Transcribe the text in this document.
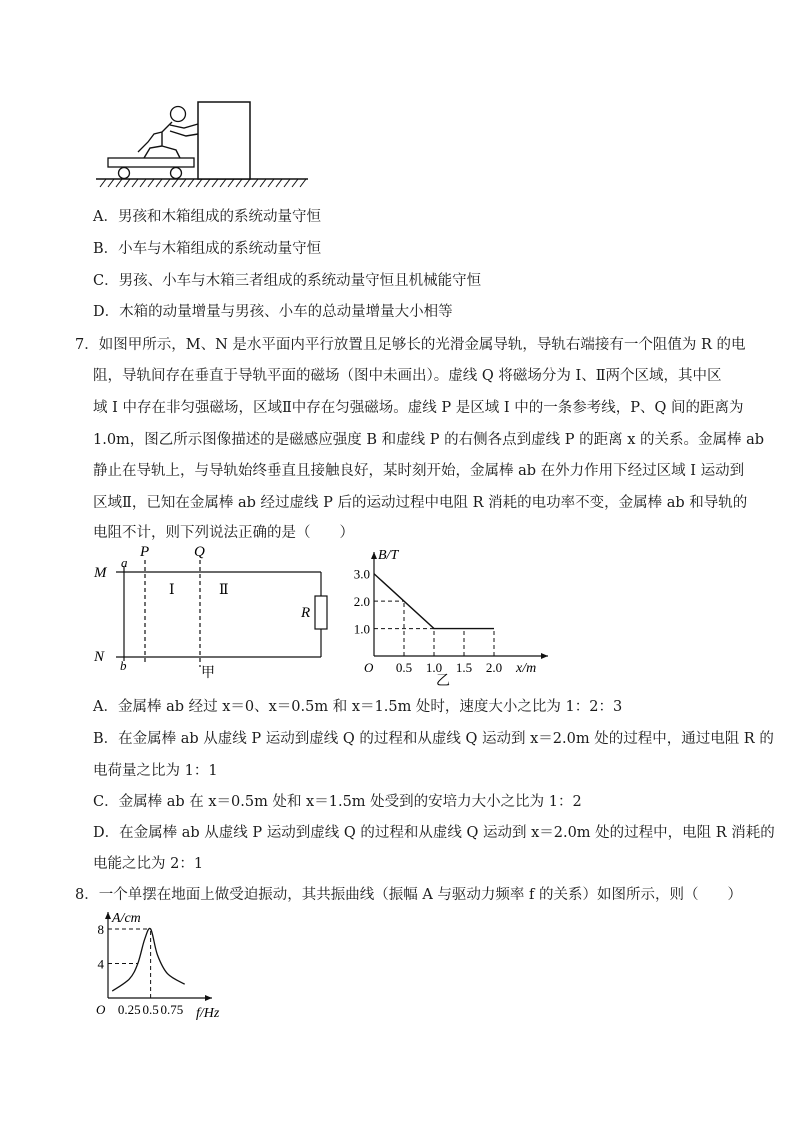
A．男孩和木箱组成的系统动量守恒
B．小车与木箱组成的系统动量守恒
C．男孩、小车与木箱三者组成的系统动量守恒且机械能守恒
D．木箱的动量增量与男孩、小车的总动量增量大小相等
7．如图甲所示，M、N 是水平面内平行放置且足够长的光滑金属导轨，导轨右端接有一个阻值为 R 的电
阻，导轨间存在垂直于导轨平面的磁场（图中未画出）。虚线 Q 将磁场分为 Ⅰ、Ⅱ两个区域，其中区
域 Ⅰ 中存在非匀强磁场，区域Ⅱ中存在匀强磁场。虚线 P 是区域 Ⅰ 中的一条参考线，P、Q 间的距离为
1.0m，图乙所示图像描述的是磁感应强度 B 和虚线 P 的右侧各点到虚线 P 的距离 x 的关系。金属棒 ab
静止在导轨上，与导轨始终垂直且接触良好，某时刻开始，金属棒 ab 在外力作用下经过区域 Ⅰ 运动到
区域Ⅱ，已知在金属棒 ab 经过虚线 P 后的运动过程中电阻 R 消耗的电功率不变，金属棒 ab 和导轨的
电阻不计，则下列说法正确的是（　　）
M
N
a
b
P	Q
Ⅰ	Ⅱ
R
甲
B/T
x/m
O
1.0
2.0
3.0
0.5 1.0 1.5 2.0
乙
A．金属棒 ab 经过 x＝0、x＝0.5m 和 x＝1.5m 处时，速度大小之比为 1：2：3
B．在金属棒 ab 从虚线 P 运动到虚线 Q 的过程和从虚线 Q 运动到 x＝2.0m 处的过程中，通过电阻 R 的
电荷量之比为 1：1
C．金属棒 ab 在 x＝0.5m 处和 x＝1.5m 处受到的安培力大小之比为 1：2
D．在金属棒 ab 从虚线 P 运动到虚线 Q 的过程和从虚线 Q 运动到 x＝2.0m 处的过程中，电阻 R 消耗的
电能之比为 2：1
8．一个单摆在地面上做受迫振动，其共振曲线（振幅 A 与驱动力频率 f 的关系）如图所示，则（　　）
A/cm
f/Hz
O
4
8
0.25 0.5 0.75
